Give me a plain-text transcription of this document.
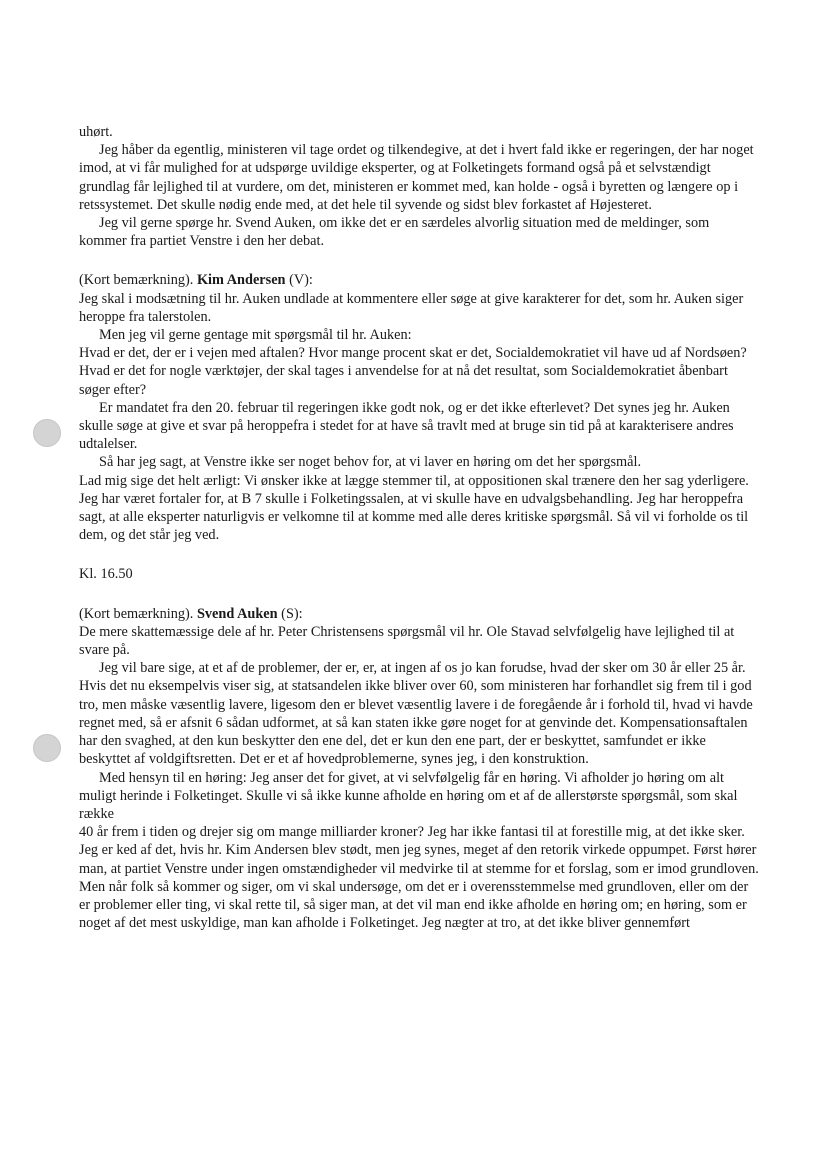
uhørt.

Jeg håber da egentlig, ministeren vil tage ordet og tilkendegive, at det i hvert fald ikke er regeringen, der har noget imod, at vi får mulighed for at udspørge uvildige eksperter, og at Folketingets formand også på et selvstændigt grundlag får lejlighed til at vurdere, om det, ministeren er kommet med, kan holde - også i byretten og længere op i retssystemet. Det skulle nødig ende med, at det hele til syvende og sidst blev forkastet af Højesteret.

Jeg vil gerne spørge hr. Svend Auken, om ikke det er en særdeles alvorlig situation med de meldinger, som kommer fra partiet Venstre i den her debat.

(Kort bemærkning). Kim Andersen (V):

Jeg skal i modsætning til hr. Auken undlade at kommentere eller søge at give karakterer for det, som hr. Auken siger heroppe fra talerstolen.

Men jeg vil gerne gentage mit spørgsmål til hr. Auken:

Hvad er det, der er i vejen med aftalen? Hvor mange procent skat er det, Socialdemokratiet vil have ud af Nordsøen? Hvad er det for nogle værktøjer, der skal tages i anvendelse for at nå det resultat, som Socialdemokratiet åbenbart søger efter?

Er mandatet fra den 20. februar til regeringen ikke godt nok, og er det ikke efterlevet? Det synes jeg hr. Auken skulle søge at give et svar på heroppefra i stedet for at have så travlt med at bruge sin tid på at karakterisere andres udtalelser.

Så har jeg sagt, at Venstre ikke ser noget behov for, at vi laver en høring om det her spørgsmål.

Lad mig sige det helt ærligt: Vi ønsker ikke at lægge stemmer til, at oppositionen skal trænere den her sag yderligere. Jeg har været fortaler for, at B 7 skulle i Folketingssalen, at vi skulle have en udvalgsbehandling. Jeg har heroppefra sagt, at alle eksperter naturligvis er velkomne til at komme med alle deres kritiske spørgsmål. Så vil vi forholde os til dem, og det står jeg ved.

Kl. 16.50

(Kort bemærkning). Svend Auken (S):

De mere skattemæssige dele af hr. Peter Christensens spørgsmål vil hr. Ole Stavad selvfølgelig have lejlighed til at svare på.

Jeg vil bare sige, at et af de problemer, der er, er, at ingen af os jo kan forudse, hvad der sker om 30 år eller 25 år. Hvis det nu eksempelvis viser sig, at statsandelen ikke bliver over 60, som ministeren har forhandlet sig frem til i god tro, men måske væsentlig lavere, ligesom den er blevet væsentlig lavere i de foregående år i forhold til, hvad vi havde regnet med, så er afsnit 6 sådan udformet, at så kan staten ikke gøre noget for at genvinde det. Kompensationsaftalen har den svaghed, at den kun beskytter den ene del, det er kun den ene part, der er beskyttet, samfundet er ikke beskyttet af voldgiftsretten. Det er et af hovedproblemerne, synes jeg, i den konstruktion.

Med hensyn til en høring: Jeg anser det for givet, at vi selvfølgelig får en høring. Vi afholder jo høring om alt muligt herinde i Folketinget. Skulle vi så ikke kunne afholde en høring om et af de allerstørste spørgsmål, som skal række

40 år frem i tiden og drejer sig om mange milliarder kroner? Jeg har ikke fantasi til at forestille mig, at det ikke sker. Jeg er ked af det, hvis hr. Kim Andersen blev stødt, men jeg synes, meget af den retorik virkede oppumpet. Først hører man, at partiet Venstre under ingen omstændigheder vil medvirke til at stemme for et forslag, som er imod grundloven. Men når folk så kommer og siger, om vi skal undersøge, om det er i overensstemmelse med grundloven, eller om der er problemer eller ting, vi skal rette til, så siger man, at det vil man end ikke afholde en høring om; en høring, som er noget af det mest uskyldige, man kan afholde i Folketinget. Jeg nægter at tro, at det ikke bliver gennemført
